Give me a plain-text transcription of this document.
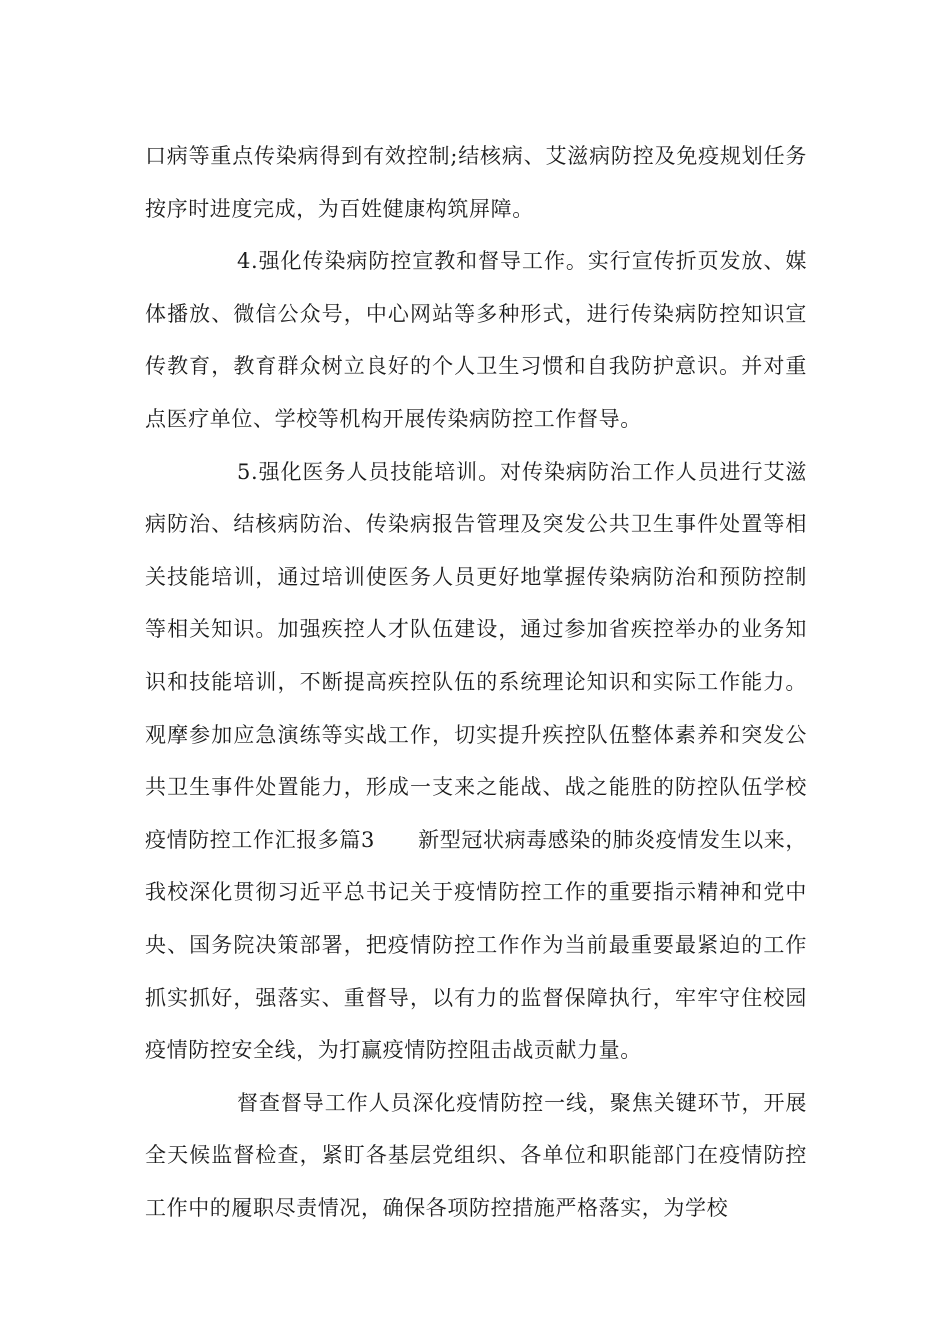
口病等重点传染病得到有效控制;结核病、艾滋病防控及免疫规划任务按序时进度完成，为百姓健康构筑屏障。

4.强化传染病防控宣教和督导工作。实行宣传折页发放、媒体播放、微信公众号，中心网站等多种形式，进行传染病防控知识宣传教育，教育群众树立良好的个人卫生习惯和自我防护意识。并对重点医疗单位、学校等机构开展传染病防控工作督导。

5.强化医务人员技能培训。对传染病防治工作人员进行艾滋病防治、结核病防治、传染病报告管理及突发公共卫生事件处置等相关技能培训，通过培训使医务人员更好地掌握传染病防治和预防控制等相关知识。加强疾控人才队伍建设，通过参加省疾控举办的业务知识和技能培训，不断提高疾控队伍的系统理论知识和实际工作能力。观摩参加应急演练等实战工作，切实提升疾控队伍整体素养和突发公共卫生事件处置能力，形成一支来之能战、战之能胜的防控队伍学校疫情防控工作汇报多篇3　　新型冠状病毒感染的肺炎疫情发生以来，我校深化贯彻习近平总书记关于疫情防控工作的重要指示精神和党中央、国务院决策部署，把疫情防控工作作为当前最重要最紧迫的工作抓实抓好，强落实、重督导，以有力的监督保障执行，牢牢守住校园疫情防控安全线，为打赢疫情防控阻击战贡献力量。

督查督导工作人员深化疫情防控一线，聚焦关键环节，开展全天候监督检查，紧盯各基层党组织、各单位和职能部门在疫情防控工作中的履职尽责情况，确保各项防控措施严格落实，为学校
